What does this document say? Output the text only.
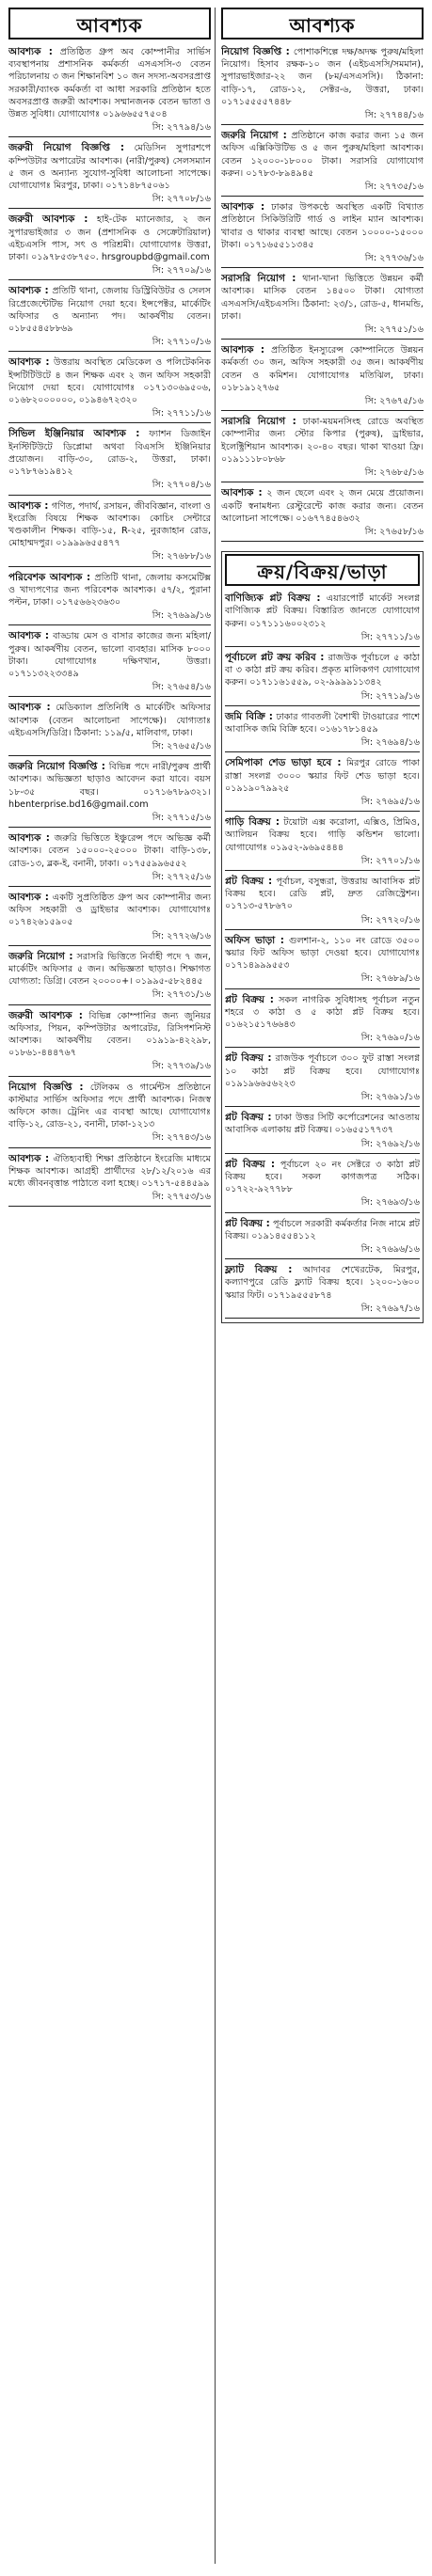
আবশ্যক
আবশ্যক : প্রতিষ্ঠিত গ্রুপ অব কোম্পানীর সার্ভিস ব্যবস্থাপনায় প্রশাসনিক কর্মকর্তা এসএসসি-৩ বেতন পরিচালনায় ৩ জন শিক্ষানবিশ ১০ জন সদস্য-অবসরপ্রাপ্ত সরকারী/ব্যাংক কর্মকর্তা বা আধা সরকারি প্রতিষ্ঠান হতে অবসরপ্রাপ্ত জরুরী আবশ্যক। সম্মানজনক বেতন ভাতা ও উন্নত সুবিধা। যোগাযোগঃ ০১৯৬৬৫৫৭৫০৪
সি: ২৭৭৯৪/১৬
জরুরী নিয়োগ বিজ্ঞপ্তি : মেডিসিন সুপারশপে কম্পিউটার অপারেটর আবশ্যক। (নারী/পুরুষ) সেলসম্যান ৫ জন ও অন্যান্য সুযোগ-সুবিধা আলোচনা সাপেক্ষে। যোগাযোগঃ মিরপুর, ঢাকা। ০১৭১৪৮৭৫০৬১
সি: ২৭৭০৮/১৬
জরুরী আবশ্যক : হাই-টেক ম্যানেজার, ২ জন সুপারভাইজার ৩ জন (প্রশাসনিক ও সেক্রেটারিয়াল) এইচএসসি পাস, সৎ ও পরিশ্রমী। যোগাযোগঃ উত্তরা, ঢাকা। ০১৯৭৮৫৩৮৭৫০. hrsgroupbd@gmail.com
সি: ২৭৭০৯/১৬
আবশ্যক : প্রতিটি থানা, জেলায় ডিস্ট্রিবিউটর ও সেলস রিপ্রেজেন্টেটিভ নিয়োগ দেয়া হবে। ইন্সপেক্টর, মার্কেটিং অফিসার ও অন্যান্য পদ। আকর্ষণীয় বেতন। ০১৮৫৫৪৫৮৮৬৯
সি: ২৭৭১০/১৬
আবশ্যক : উত্তরায় অবস্থিত মেডিকেল ও পলিটেকনিক ইন্সটিটিউটে ৪ জন শিক্ষক এবং ২ জন অফিস সহকারী নিয়োগ দেয়া হবে। যোগাযোগঃ ০১৭১৩০৬৯৫০৬, ০১৬৮২০০০০০০, ০১৯৪৬৭২৩২০
সি: ২৭৭১১/১৬
সিভিল ইঞ্জিনিয়ার আবশ্যক : ফ্যাশন ডিজাইন ইনস্টিটিউটে ডিপ্লোমা অথবা বিএসসি ইঞ্জিনিয়ার প্রয়োজন। বাড়ি-৩০, রোড-২, উত্তরা, ঢাকা। ০১৭৮৭৬১৯৪১২
সি: ২৭৭০৪/১৬
আবশ্যক : গণিত, পদার্থ, রসায়ন, জীববিজ্ঞান, বাংলা ও ইংরেজি বিষয়ে শিক্ষক আবশ্যক। কোচিং সেন্টারে খণ্ডকালীন শিক্ষক। বাড়ি-১৫, R-২৫, নুরজাহান রোড, মোহাম্মদপুর। ০১৯৯৯৬৫৫৪৭৭
সি: ২৭৬৮৮/১৬
পরিবেশক আবশ্যক : প্রতিটি থানা, জেলায় কসমেটিক্স ও খাদ্যপণ্যের জন্য পরিবেশক আবশ্যক। ৫৭/২, পুরানা পল্টন, ঢাকা। ০১৭৫৬৬২৩৬৩০
সি: ২৭৬৯৯/১৬
আবশ্যক : বাড্ডায় মেস ও বাসার কাজের জন্য মহিলা/পুরুষ। আকর্ষণীয় বেতন, ভালো ব্যবহার। মাসিক ৮০০০ টাকা। যোগাযোগঃ দক্ষিণখান, উত্তরা। ০১৭১১৩২২৩৩৪৯
সি: ২৭৬৫৪/১৬
আবশ্যক : মেডিক্যাল প্রতিনিধি ও মার্কেটিং অফিসার আবশ্যক (বেতন আলোচনা সাপেক্ষে)। যোগ্যতাঃ এইচএসসি/ডিগ্রি। ঠিকানা: ১১৯/৫, মালিবাগ, ঢাকা।
সি: ২৭৬৫৫/১৬
জরুরি নিয়োগ বিজ্ঞপ্তি : বিভিন্ন পদে নারী/পুরুষ প্রার্থী আবশ্যক। অভিজ্ঞতা ছাড়াও আবেদন করা যাবে। বয়স ১৮-৩৫ বছর। ০১৭১৬৭৮৯৩২১। hbenterprise.bd16@gmail.com
সি: ২৭৭১৫/১৬
আবশ্যক : জরুরি ভিত্তিতে ইঞ্চুরেন্স পদে অভিজ্ঞ কর্মী আবশ্যক। বেতন ১৫০০০-২৫০০০ টাকা। বাড়ি-১৩৮, রোড-১৩, ব্লক-ই, বনানী, ঢাকা। ০১৭৫৫৯৯৬৫৫২
সি: ২৭৭২৫/১৬
আবশ্যক : একটি সুপ্রতিষ্ঠিত গ্রুপ অব কোম্পানীর জন্য অফিস সহকারী ও ড্রাইভার আবশ্যক। যোগাযোগঃ ০১৭৪২৬১৫৯০৫
সি: ২৭৭২৬/১৬
জরুরি নিয়োগ : সরাসরি ভিত্তিতে নির্বাহী পদে ৭ জন, মার্কেটিং অফিসার ৫ জন। অভিজ্ঞতা ছাড়াও। শিক্ষাগত যোগ্যতা: ডিগ্রি। বেতন ২০০০০+। ০১৯৯৫-৫৮২৪৪৫
সি: ২৭৭৩১/১৬
জরুরী আবশ্যক : বিভিন্ন কোম্পানির জন্য জুনিয়র অফিসার, পিয়ন, কম্পিউটার অপারেটর, রিসিপশনিস্ট আবশ্যক। আকর্ষণীয় বেতন। ০১৯১৯-৪২২৯৮, ০১৮৬১-৪৪৪৭৬৭
সি: ২৭৭৩৯/১৬
নিয়োগ বিজ্ঞপ্তি : টেলিকম ও গার্মেন্টস প্রতিষ্ঠানে কাস্টমার সার্ভিস অফিসার পদে প্রার্থী আবশ্যক। নিজস্ব অফিসে কাজ। ট্রেনিং এর ব্যবস্থা আছে। যোগাযোগঃ বাড়ি-১২, রোড-২১, বনানী, ঢাকা-১২১৩
সি: ২৭৭৪৩/১৬
আবশ্যক : ঐতিহ্যবাহী শিক্ষা প্রতিষ্ঠানে ইংরেজি মাধ্যমে শিক্ষক আবশ্যক। আগ্রহী প্রার্থীদের ২৮/১২/২০১৬ এর মধ্যে জীবনবৃত্তান্ত পাঠাতে বলা হচ্ছে। ০১৭১৭-৫৪৪৫৯৯
সি: ২৭৭৫৩/১৬
আবশ্যক
নিয়োগ বিজ্ঞপ্তি : পোশাকশিল্পে দক্ষ/অদক্ষ পুরুষ/মহিলা নিয়োগ। হিসাব রক্ষক-১০ জন (এইচএসসি/সমমান), সুপারভাইজার-২২ জন (৮ম/এসএসসি)। ঠিকানা: বাড়ি-১৭, রোড-১২, সেক্টর-৬, উত্তরা, ঢাকা। ০১৭১৫৫৫৫৭৪৪৮
সি: ২৭৭৪৪/১৬
জরুরি নিয়োগ : প্রতিষ্ঠানে কাজ করার জন্য ১৫ জন অফিস এক্সিকিউটিভ ও ৫ জন পুরুষ/মহিলা আবশ্যক। বেতন ১২০০০-১৮০০০ টাকা। সরাসরি যোগাযোগ করুন। ০১৭৮৩-৮৯৪৯৪৫
সি: ২৭৭৩৫/১৬
আবশ্যক : ঢাকার উপকণ্ঠে অবস্থিত একটি বিখ্যাত প্রতিষ্ঠানে সিকিউরিটি গার্ড ও লাইন ম্যান আবশ্যক। খাবার ও থাকার ব্যবস্থা আছে। বেতন ১০০০০-১৫০০০ টাকা। ০১৭১৬৫৫১১৩৪৫
সি: ২৭৭৩৬/১৬
সরাসরি নিয়োগ : থানা-খানা ভিত্তিতে উন্নয়ন কর্মী আবশ্যক। মাসিক বেতন ১৪৫০০ টাকা। যোগ্যতা এসএসসি/এইচএসসি। ঠিকানা: ২৩/১, রোড-৫, ধানমন্ডি, ঢাকা।
সি: ২৭৭৫১/১৬
আবশ্যক : প্রতিষ্ঠিত ইনস্যুরেন্স কোম্পানিতে উন্নয়ন কর্মকর্তা ৩০ জন, অফিস সহকারী ৩৫ জন। আকর্ষণীয় বেতন ও কমিশন। যোগাযোগঃ মতিঝিল, ঢাকা। ০১৮১৯১২৭৬৫
সি: ২৭৬৭৫/১৬
সরাসরি নিয়োগ : ঢাকা-ময়মনসিংহ রোডে অবস্থিত কোম্পানীর জন্য স্টোর কিপার (পুরুষ), ড্রাইভার, ইলেক্ট্রিশিয়ান আবশ্যক। ২০-৪০ বছর। থাকা খাওয়া ফ্রি। ০১৯১১১৮০৮৬৮
সি: ২৭৬৮৫/১৬
আবশ্যক : ২ জন ছেলে এবং ২ জন মেয়ে প্রয়োজন। একটি স্বনামধন্য রেস্টুরেন্টে কাজ করার জন্য। বেতন আলোচনা সাপেক্ষে। ০১৬৭৭৪৫৪৬৩২
সি: ২৭৬৫৮/১৬
ক্রয়/বিক্রয়/ভাড়া
বাণিজ্যিক প্লট বিক্রয় : এয়ারপোর্ট মার্কেট সংলগ্ন বাণিজ্যিক প্লট বিক্রয়। বিস্তারিত জানতে যোগাযোগ করুন। ০১৭১১১৬০০২৩১২
সি: ২৭৭১১/১৬
পূর্বাচলে প্লট ক্রয় করিব : রাজউক পূর্বাচলে ৫ কাঠা বা ৩ কাঠা প্লট ক্রয় করিব। প্রকৃত মালিকগণ যোগাযোগ করুন। ০১৭১১৬১৫৫৯, ০২-৯৯৯৯১১৩৪২
সি: ২৭৭১৯/১৬
জমি বিক্রি : ঢাকার গাবতলী বৈশাখী টাওয়ারের পাশে আবাসিক জমি বিক্রি হবে। ০১৬১৭৮১৪৫৯
সি: ২৭৬৯৪/১৬
সেমিপাকা শেড ভাড়া হবে : মিরপুর রোডে পাকা রাস্তা সংলগ্ন ৩০০০ স্কয়ার ফিট শেড ভাড়া হবে। ০১৯১৯০৭৯৯২৫
সি: ২৭৬৯৫/১৬
গাড়ি বিক্রয় : টয়োটা এক্স করোলা, এক্সিও, প্রিমিও, অ্যালিয়ন বিক্রয় হবে। গাড়ি কন্ডিশন ভালো। যোগাযোগঃ ০১৯৫২-৯৬৯৫৪৪৪
সি: ২৭৭০১/১৬
প্লট বিক্রয় : পূর্বাচল, বসুন্ধরা, উত্তরায় আবাসিক প্লট বিক্রয় হবে। রেডি প্লট, দ্রুত রেজিস্ট্রেশন। ০১৭১৩-৫৭৮৬৭০
সি: ২৭৭২০/১৬
অফিস ভাড়া : গুলশান-২, ১১০ নং রোডে ৩৫০০ স্কয়ার ফিট অফিস ভাড়া দেওয়া হবে। যোগাযোগঃ ০১৭১৪৯৯৯৫৫৩
সি: ২৭৬৮৯/১৬
প্লট বিক্রয় : সকল নাগরিক সুবিধাসহ পূর্বাচল নতুন শহরে ৩ কাঠা ও ৫ কাঠা প্লট বিক্রয় হবে। ০১৬২১৫১৭৬৬৪৩
সি: ২৭৬৯০/১৬
প্লট বিক্রয় : রাজউক পূর্বাচলে ৩০০ ফুট রাস্তা সংলগ্ন ১০ কাঠা প্লট বিক্রয় হবে। যোগাযোগঃ ০১৯১৯৬৬৫৬২২৩
সি: ২৭৬৯১/১৬
প্লট বিক্রয় : ঢাকা উত্তর সিটি কর্পোরেশনের আওতায় আবাসিক এলাকায় প্লট বিক্রয়। ০১৬৫৫১৭৭৩৭
সি: ২৭৬৯২/১৬
প্লট বিক্রয় : পূর্বাচলে ২০ নং সেক্টরে ৩ কাঠা প্লট বিক্রয় হবে। সকল কাগজপত্র সঠিক। ০১৭২২-৯২৭৭৮৮
সি: ২৭৬৯৩/১৬
প্লট বিক্রয় : পূর্বাচলে সরকারী কর্মকর্তার নিজ নামে প্লট বিক্রয়। ০১৯১৪৫৫৪১১২
সি: ২৭৬৯৬/১৬
ফ্ল্যাট বিক্রয় : আদাবর শেখেরটেক, মিরপুর, কল্যাণপুরে রেডি ফ্ল্যাট বিক্রয় হবে। ১২০০-১৬০০ স্কয়ার ফিট। ০১৭১৯৫৫৫৮৭৪
সি: ২৭৬৯৭/১৬
